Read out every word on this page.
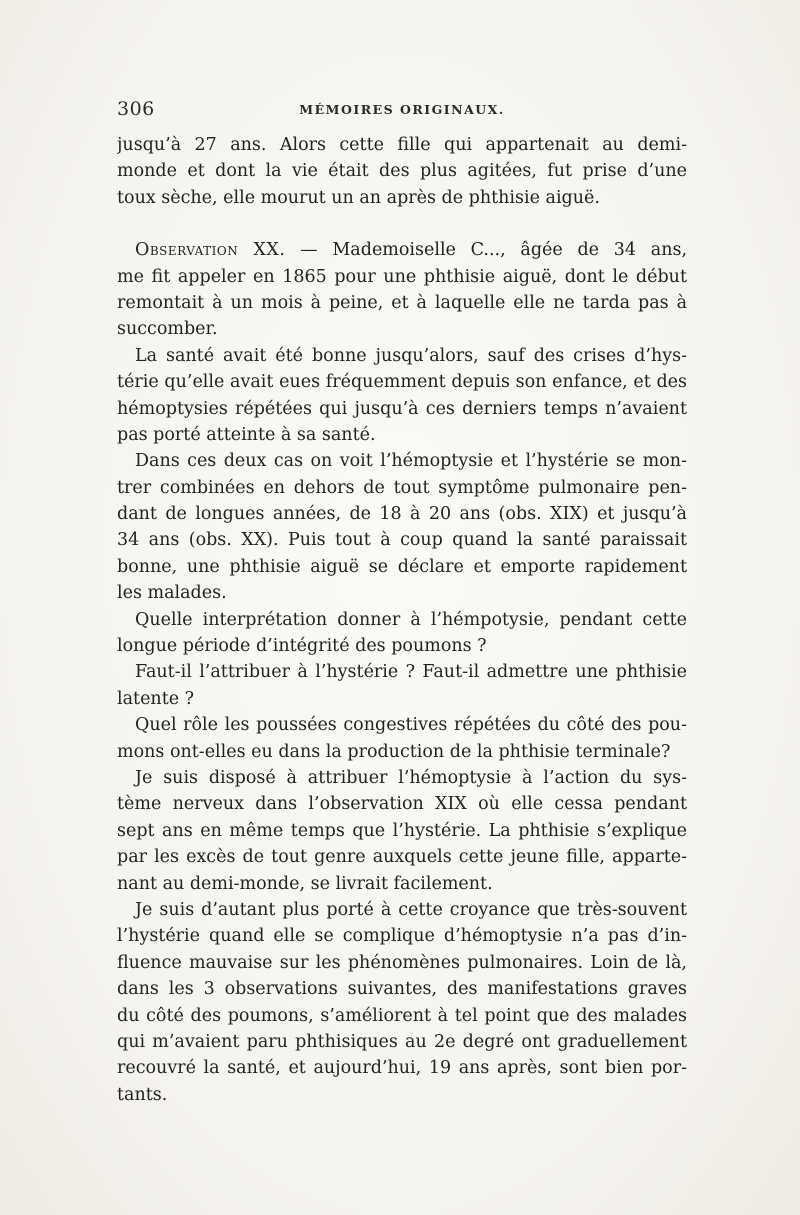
306	MÉMOIRES ORIGINAUX.
jusqu’à 27 ans. Alors cette fille qui appartenait au demi-
monde et dont la vie était des plus agitées, fut prise d’une
toux sèche, elle mourut un an après de phthisie aiguë.
Observation XX. — Mademoiselle C..., âgée de 34 ans,
me fit appeler en 1865 pour une phthisie aiguë, dont le début
remontait à un mois à peine, et à laquelle elle ne tarda pas à
succomber.
La santé avait été bonne jusqu’alors, sauf des crises d’hys-
térie qu’elle avait eues fréquemment depuis son enfance, et des
hémoptysies répétées qui jusqu’à ces derniers temps n’avaient
pas porté atteinte à sa santé.
Dans ces deux cas on voit l’hémoptysie et l’hystérie se mon-
trer combinées en dehors de tout symptôme pulmonaire pen-
dant de longues années, de 18 à 20 ans (obs. XIX) et jusqu’à
34 ans (obs. XX). Puis tout à coup quand la santé paraissait
bonne, une phthisie aiguë se déclare et emporte rapidement
les malades.
Quelle interprétation donner à l’hémpotysie, pendant cette
longue période d’intégrité des poumons ?
Faut-il l’attribuer à l’hystérie ? Faut-il admettre une phthisie
latente ?
Quel rôle les poussées congestives répétées du côté des pou-
mons ont-elles eu dans la production de la phthisie terminale?
Je suis disposé à attribuer l’hémoptysie à l’action du sys-
tème nerveux dans l’observation XIX où elle cessa pendant
sept ans en même temps que l’hystérie. La phthisie s’explique
par les excès de tout genre auxquels cette jeune fille, apparte-
nant au demi-monde, se livrait facilement.
Je suis d’autant plus porté à cette croyance que très-souvent
l’hystérie quand elle se complique d’hémoptysie n’a pas d’in-
fluence mauvaise sur les phénomènes pulmonaires. Loin de là,
dans les 3 observations suivantes, des manifestations graves
du côté des poumons, s’améliorent à tel point que des malades
qui m’avaient paru phthisiques au 2e degré ont graduellement
recouvré la santé, et aujourd’hui, 19 ans après, sont bien por-
tants.
